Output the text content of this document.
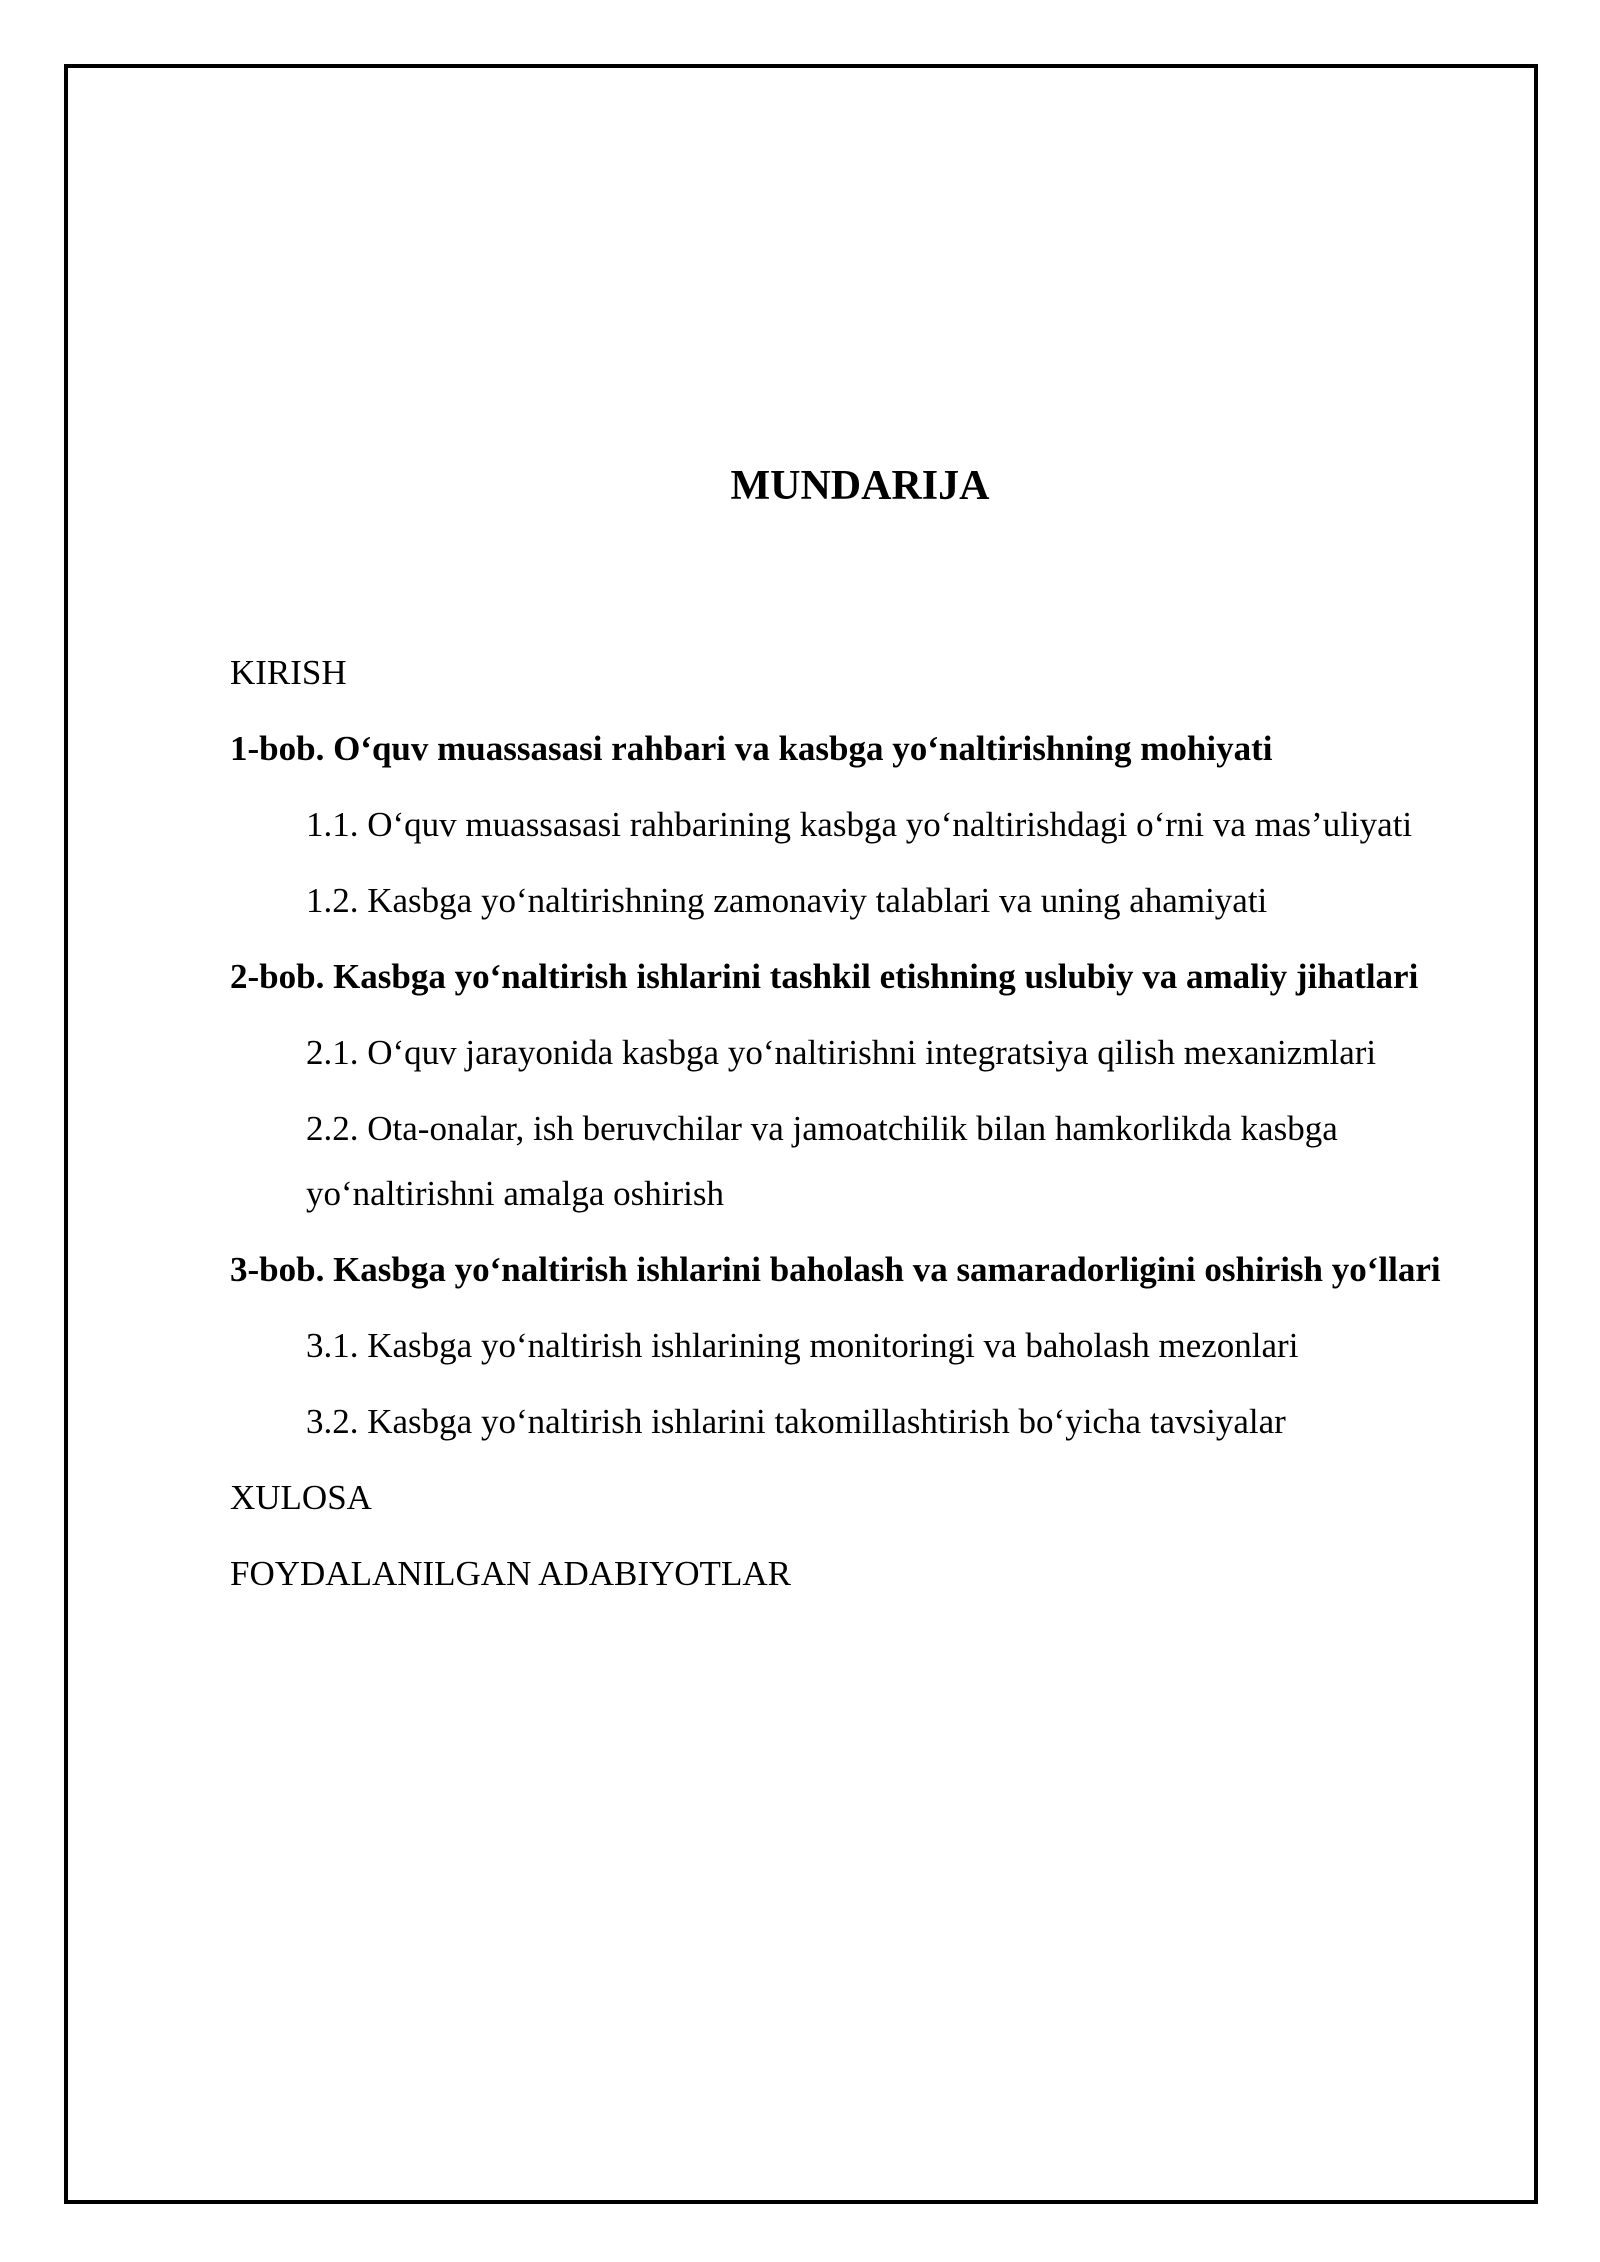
MUNDARIJA
KIRISH
1-bob. O‘quv muassasasi rahbari va kasbga yo‘naltirishning mohiyati
1.1. O‘quv muassasasi rahbarining kasbga yo‘naltirishdagi o‘rni va mas’uliyati
1.2. Kasbga yo‘naltirishning zamonaviy talablari va uning ahamiyati
2-bob. Kasbga yo‘naltirish ishlarini tashkil etishning uslubiy va amaliy jihatlari
2.1. O‘quv jarayonida kasbga yo‘naltirishni integratsiya qilish mexanizmlari
2.2. Ota-onalar, ish beruvchilar va jamoatchilik bilan hamkorlikda kasbga yo‘naltirishni amalga oshirish
3-bob. Kasbga yo‘naltirish ishlarini baholash va samaradorligini oshirish yo‘llari
3.1. Kasbga yo‘naltirish ishlarining monitoringi va baholash mezonlari
3.2. Kasbga yo‘naltirish ishlarini takomillashtirish bo‘yicha tavsiyalar
XULOSA
FOYDALANILGAN ADABIYOTLAR
